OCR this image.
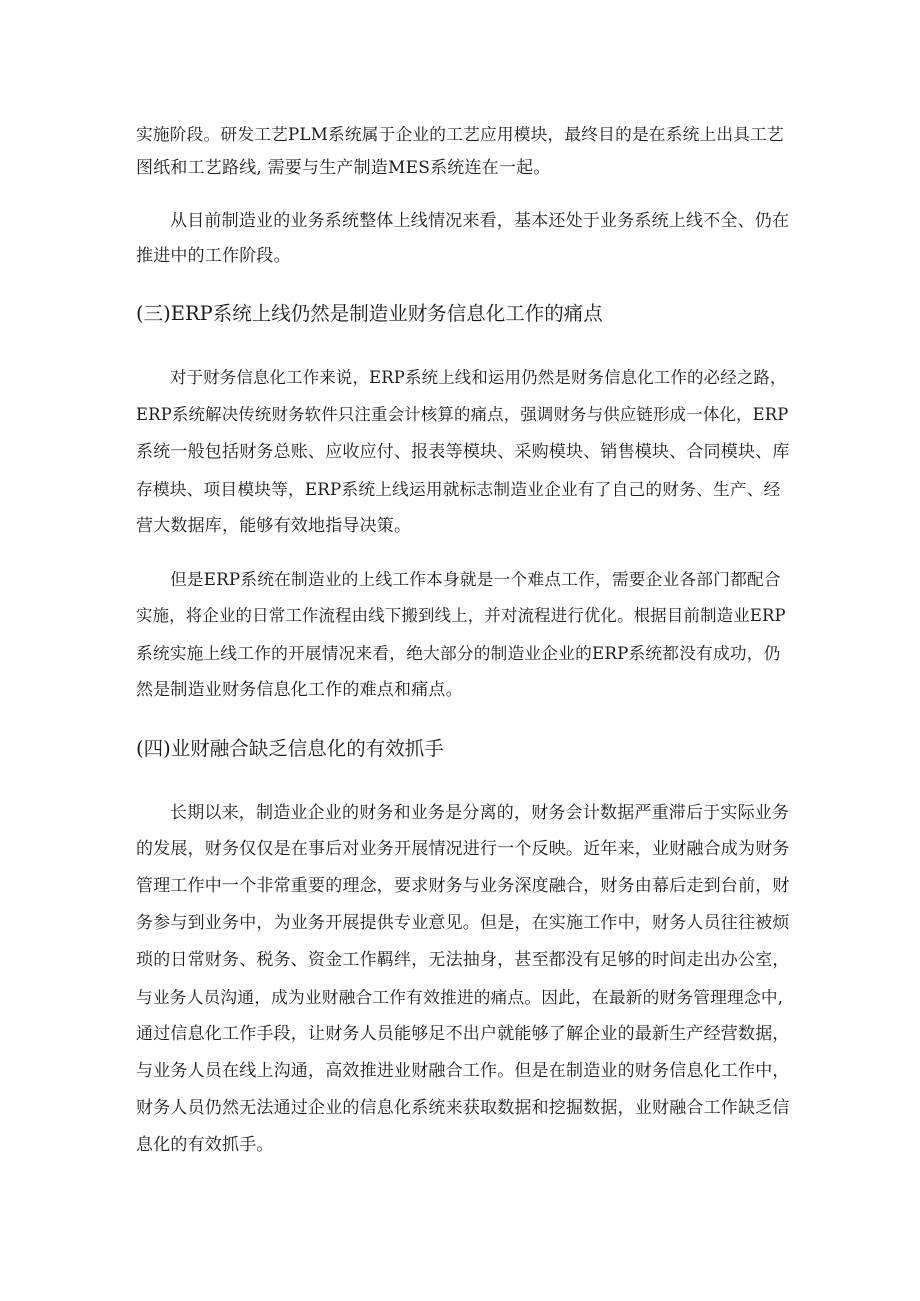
实施阶段。研发工艺PLM系统属于企业的工艺应用模块，最终目的是在系统上出具工艺
图纸和工艺路线, 需要与生产制造MES系统连在一起。
从目前制造业的业务系统整体上线情况来看，基本还处于业务系统上线不全、仍在
推进中的工作阶段。
(三)ERP系统上线仍然是制造业财务信息化工作的痛点
对于财务信息化工作来说，ERP系统上线和运用仍然是财务信息化工作的必经之路，
ERP系统解决传统财务软件只注重会计核算的痛点，强调财务与供应链形成一体化，ERP
系统一般包括财务总账、应收应付、报表等模块、采购模块、销售模块、合同模块、库
存模块、项目模块等，ERP系统上线运用就标志制造业企业有了自己的财务、生产、经
营大数据库，能够有效地指导决策。
但是ERP系统在制造业的上线工作本身就是一个难点工作，需要企业各部门都配合
实施，将企业的日常工作流程由线下搬到线上，并对流程进行优化。根据目前制造业ERP
系统实施上线工作的开展情况来看，绝大部分的制造业企业的ERP系统都没有成功，仍
然是制造业财务信息化工作的难点和痛点。
(四)业财融合缺乏信息化的有效抓手
长期以来，制造业企业的财务和业务是分离的，财务会计数据严重滞后于实际业务
的发展，财务仅仅是在事后对业务开展情况进行一个反映。近年来，业财融合成为财务
管理工作中一个非常重要的理念，要求财务与业务深度融合，财务由幕后走到台前，财
务参与到业务中，为业务开展提供专业意见。但是，在实施工作中，财务人员往往被烦
琐的日常财务、税务、资金工作羁绊，无法抽身，甚至都没有足够的时间走出办公室，
与业务人员沟通，成为业财融合工作有效推进的痛点。因此，在最新的财务管理理念中,
通过信息化工作手段，让财务人员能够足不出户就能够了解企业的最新生产经营数据，
与业务人员在线上沟通，高效推进业财融合工作。但是在制造业的财务信息化工作中，
财务人员仍然无法通过企业的信息化系统来获取数据和挖掘数据，业财融合工作缺乏信
息化的有效抓手。
